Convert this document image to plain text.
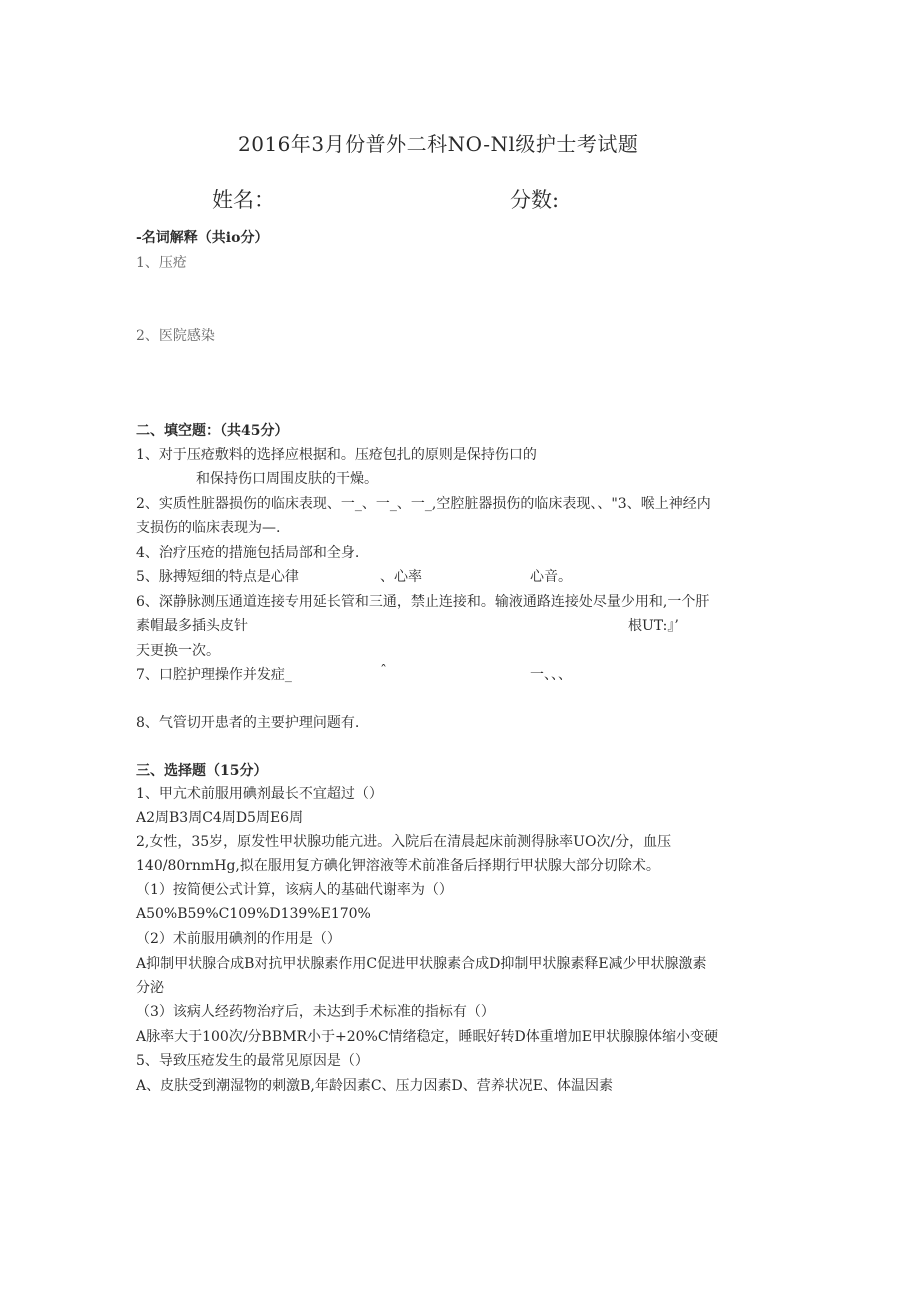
2016年3月份普外二科NO-Nl级护士考试题
姓名：	分数:
-名词解释（共io分）
1、压疮
2、医院感染
二、填空题：（共45分）
1、对于压疮敷料的选择应根据和。压疮包扎的原则是保持伤口的
和保持伤口周围皮肤的干燥。
2、实质性脏器损伤的临床表现、一_、一_、一_,空腔脏器损伤的临床表现、、"3、喉上神经内
支损伤的临床表现为—.
4、治疗压疮的措施包括局部和全身.
5、脉搏短细的特点是心律	、心率	心音。
6、深静脉测压通道连接专用延长管和三通，禁止连接和。输液通路连接处尽量少用和,一个肝
素帽最多插头皮针	根UT:』’
天更换一次。
7、口腔护理操作并发症_	ˆ	一、、、
8、气管切开患者的主要护理问题有.
三、选择题（15分）
1、甲亢术前服用碘剂最长不宜超过（）
A2周B3周C4周D5周E6周
2,女性，35岁，原发性甲状腺功能亢进。入院后在清晨起床前测得脉率UO次/分，血压
140/80rnmHg,拟在服用复方碘化钾溶液等术前准备后择期行甲状腺大部分切除术。
（1）按简便公式计算，该病人的基础代谢率为（）
A50%B59%C109%D139%E170%
（2）术前服用碘剂的作用是（）
A抑制甲状腺合成B对抗甲状腺素作用C促进甲状腺素合成D抑制甲状腺素释E减少甲状腺激素
分泌
（3）该病人经药物治疗后，未达到手术标准的指标有（）
A脉率大于100次/分BBMR小于+20%C情绪稳定，睡眠好转D体重增加E甲状腺腺体缩小变硬
5、导致压疮发生的最常见原因是（）
A、皮肤受到潮湿物的刺激B,年龄因素C、压力因素D、营养状况E、体温因素
